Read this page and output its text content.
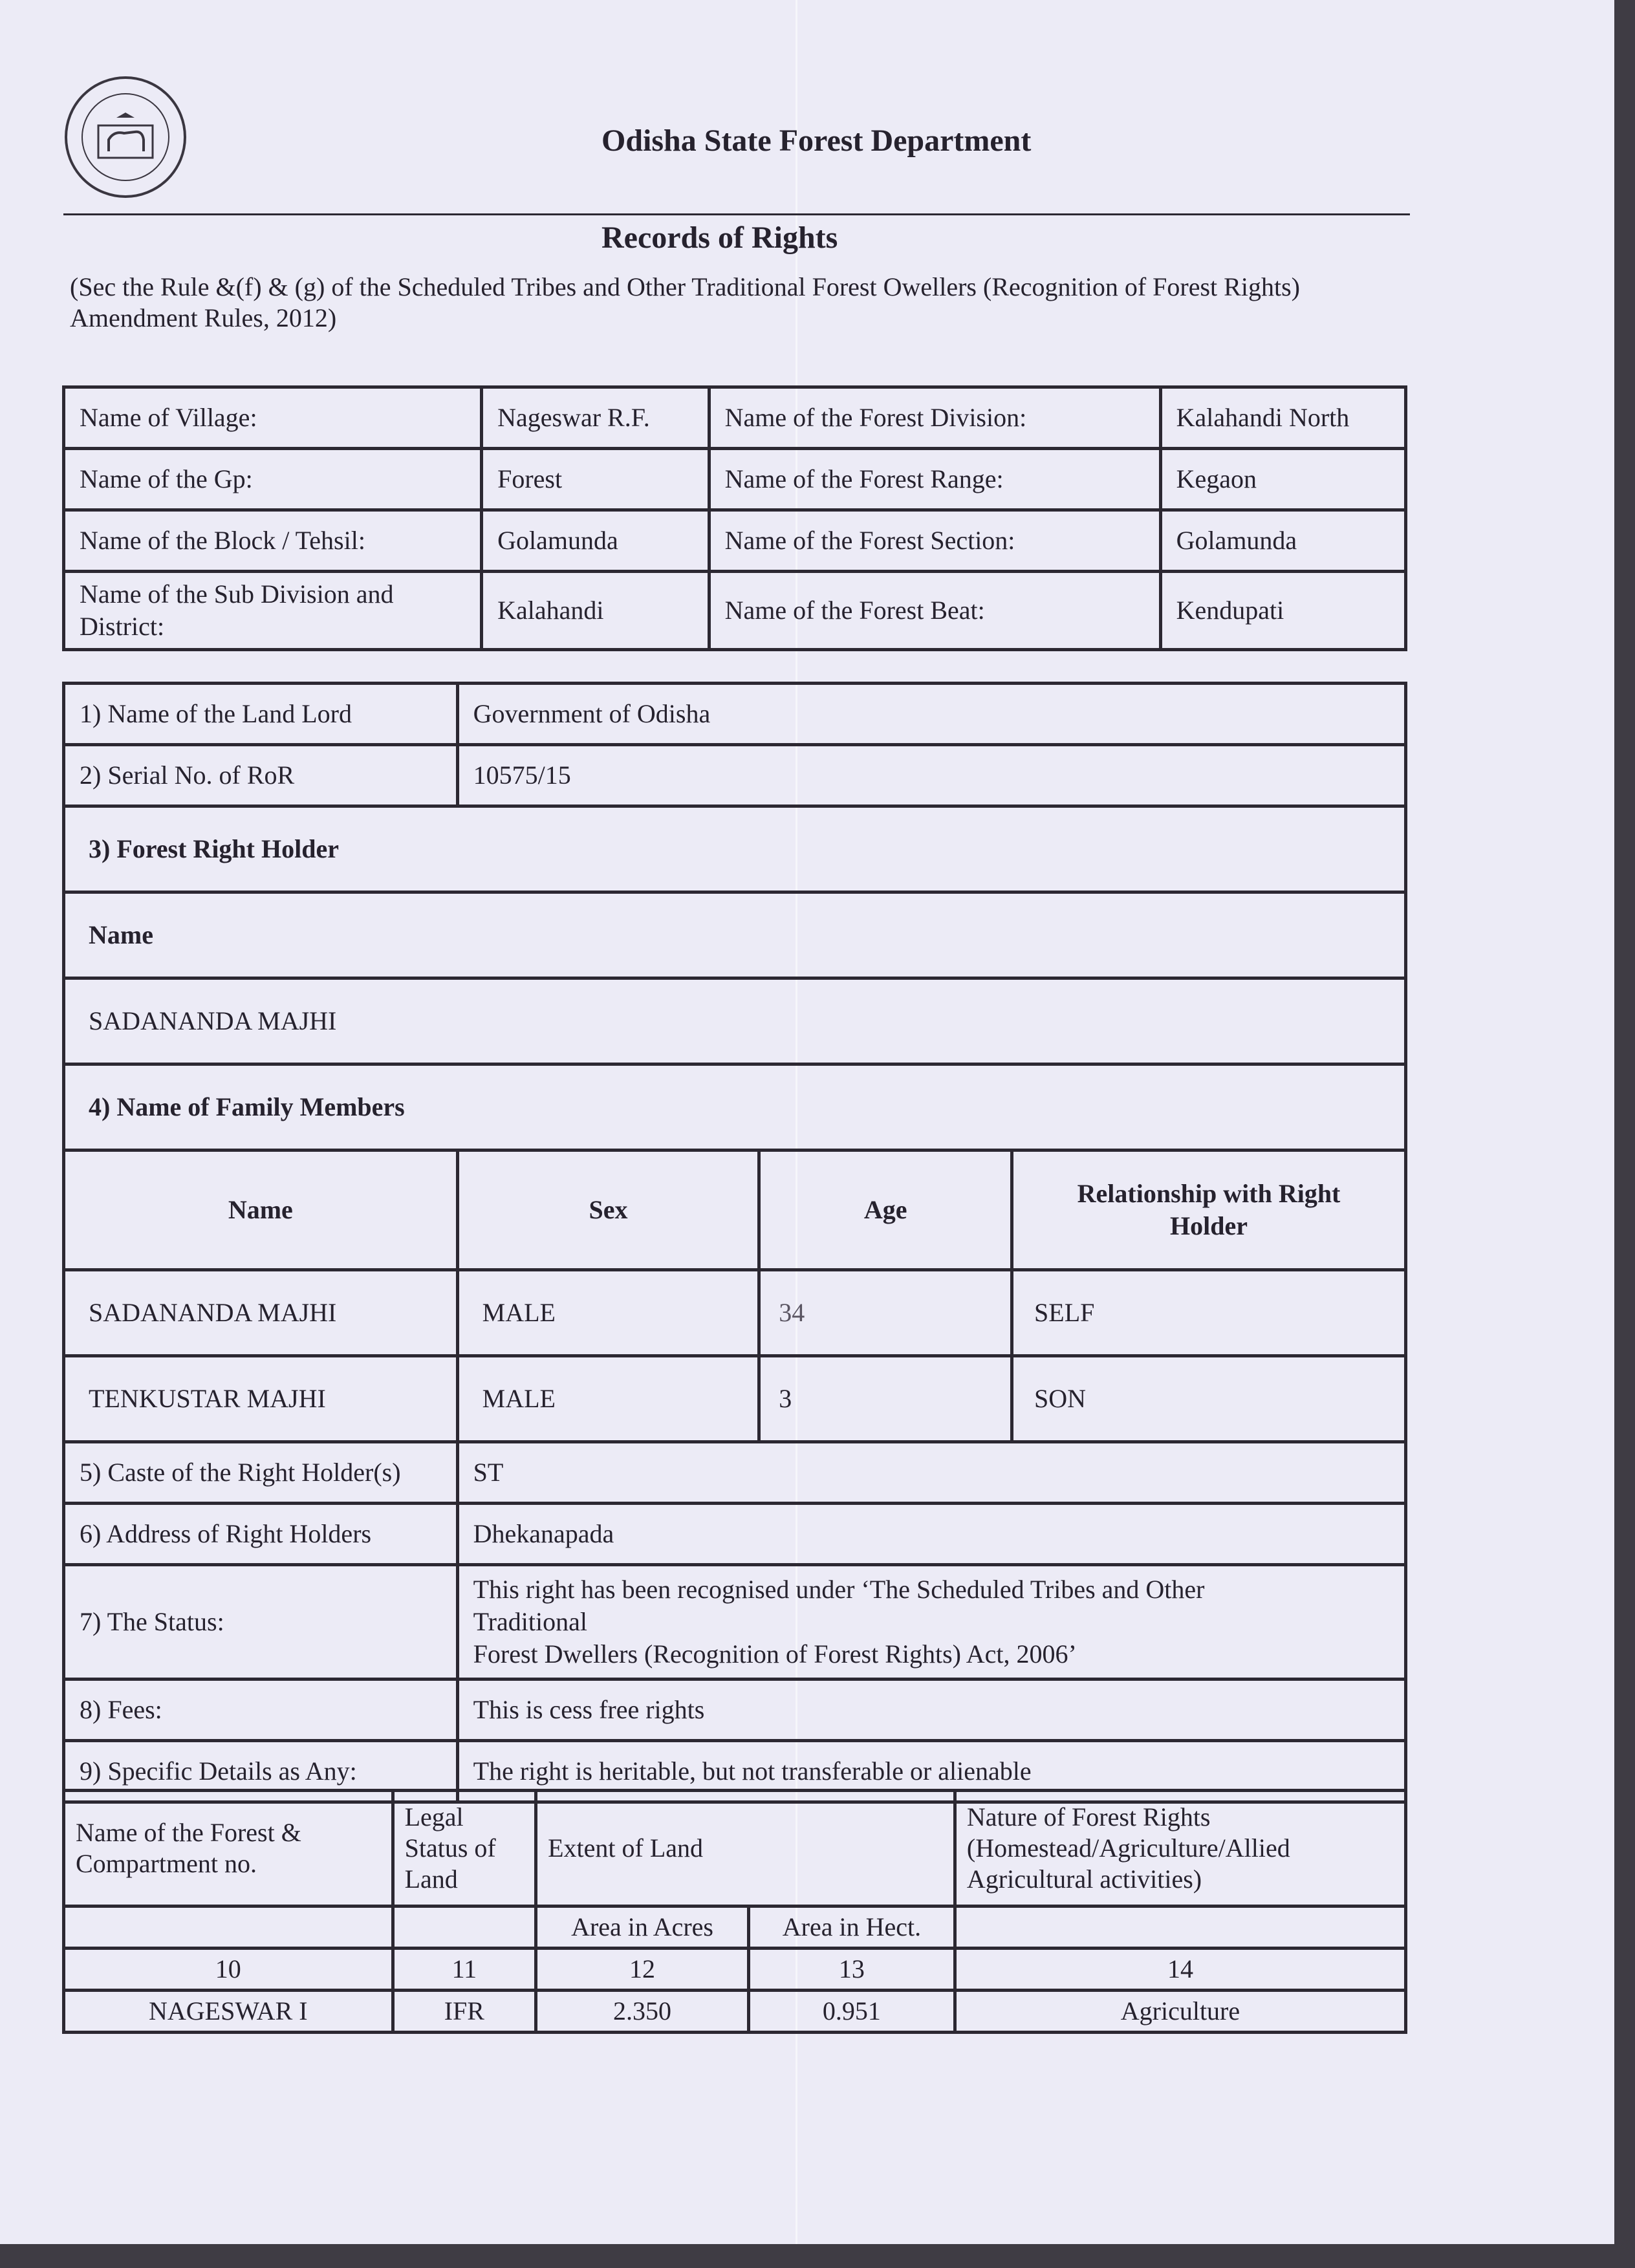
Odisha State Forest Department
Records of Rights
(Sec the Rule &(f) & (g) of the Scheduled Tribes and Other Traditional Forest Owellers (Recognition of Forest Rights) Amendment Rules, 2012)
Name of Village:	Nageswar R.F.	Name of the Forest Division:	Kalahandi North
Name of the Gp:	Forest	Name of the Forest Range:	Kegaon
Name of the Block / Tehsil:	Golamunda	Name of the Forest Section:	Golamunda
Name of the Sub Division and District:	Kalahandi	Name of the Forest Beat:	Kendupati
1) Name of the Land Lord	Government of Odisha		
2) Serial No. of RoR	10575/15		
3) Forest Right Holder			
Name			
SADANANDA MAJHI			
4) Name of Family Members			
Name	Sex	Age	Relationship with Right Holder
SADANANDA MAJHI	MALE	34	SELF
TENKUSTAR MAJHI	MALE	3	SON
5) Caste of the Right Holder(s)	ST		
6) Address of Right Holders	Dhekanapada		
7) The Status:	This right has been recognised under ‘The Scheduled Tribes and Other
Traditional
Forest Dwellers (Recognition of Forest Rights) Act, 2006’		

8) Fees:	This is cess free rights		
9) Specific Details as Any:	The right is heritable, but not transferable or alienable		
Name of the Forest & Compartment no.	Legal Status of Land	Extent of Land		Nature of Forest Rights (Homestead/Agriculture/Allied Agricultural activities)
		Area in Acres	Area in Hect.	
10	11	12	13	14
NAGESWAR I	IFR	2.350	0.951	Agriculture
